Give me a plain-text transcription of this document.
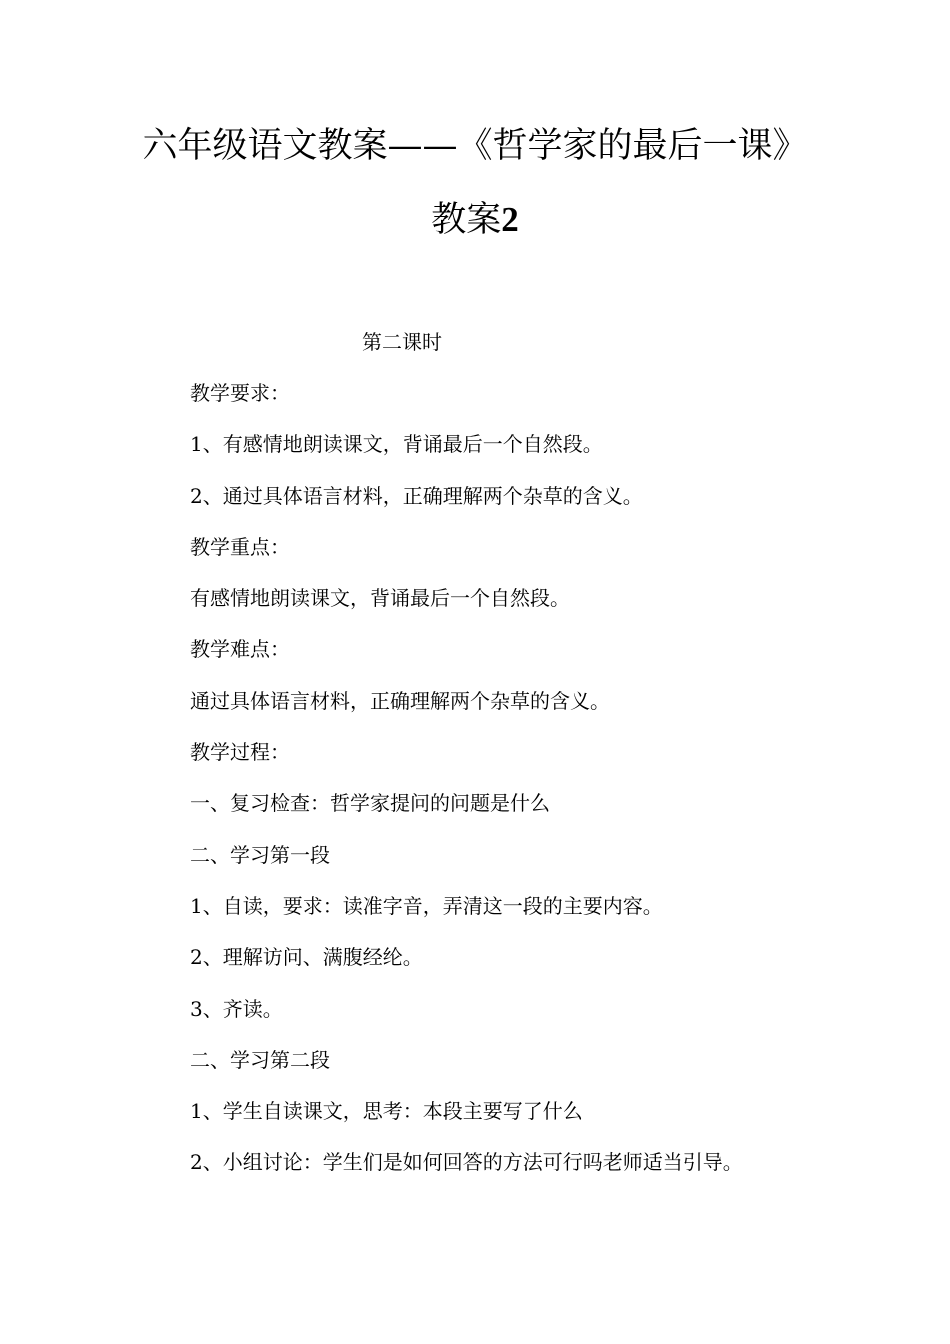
六年级语文教案——《哲学家的最后一课》
教案2
第二课时
教学要求：
1、有感情地朗读课文，背诵最后一个自然段。
2、通过具体语言材料，正确理解两个杂草的含义。
教学重点：
有感情地朗读课文，背诵最后一个自然段。
教学难点：
通过具体语言材料，正确理解两个杂草的含义。
教学过程：
一、复习检查：哲学家提问的问题是什么
二、学习第一段
1、自读，要求：读准字音，弄清这一段的主要内容。
2、理解访问、满腹经纶。
3、齐读。
二、学习第二段
1、学生自读课文，思考：本段主要写了什么
2、小组讨论：学生们是如何回答的方法可行吗老师适当引导。
